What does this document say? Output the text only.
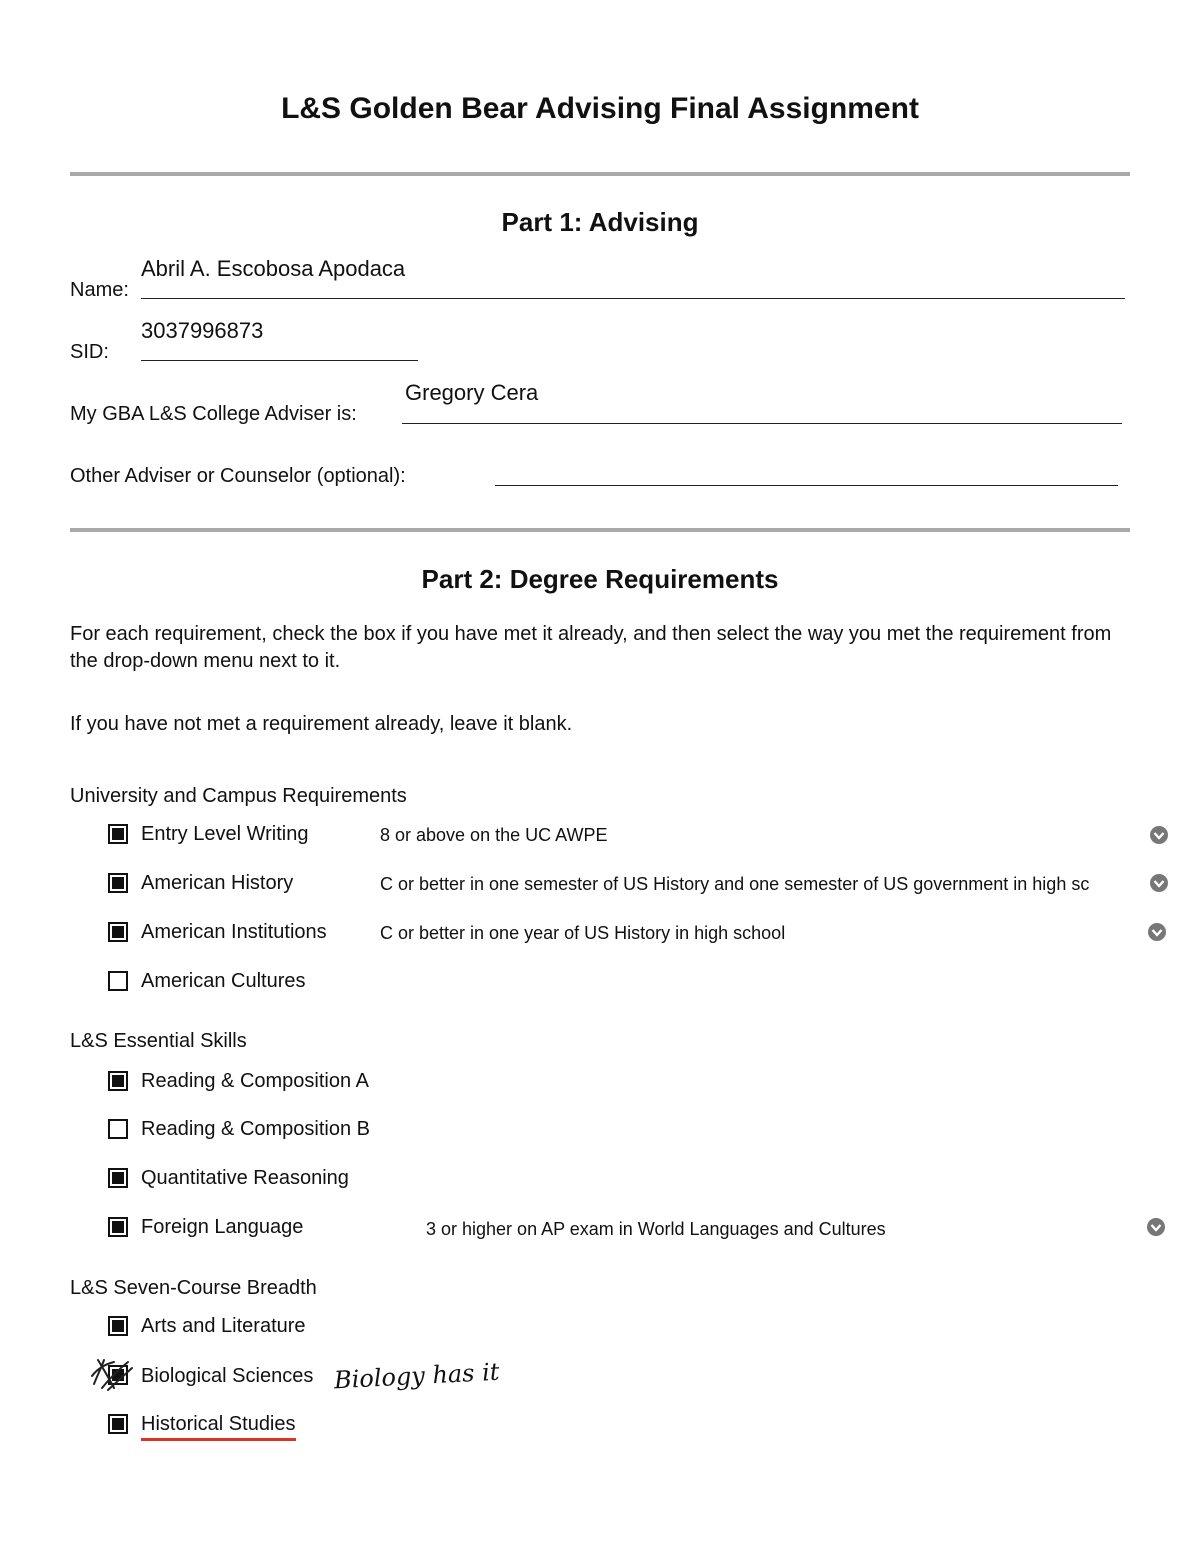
L&S Golden Bear Advising Final Assignment
Part 1: Advising
Abril A. Escobosa Apodaca
Name:
3037996873
SID:
Gregory Cera
My GBA L&S College Adviser is:
Other Adviser or Counselor (optional):
Part 2: Degree Requirements
For each requirement, check the box if you have met it already, and then select the way you met the requirement from the drop-down menu next to it.
If you have not met a requirement already, leave it blank.
University and Campus Requirements
Entry Level Writing	8 or above on the UC AWPE
American History	C or better in one semester of US History and one semester of US government in high sc
American Institutions	C or better in one year of US History in high school
American Cultures
L&S Essential Skills
Reading & Composition A
Reading & Composition B
Quantitative Reasoning
Foreign Language	3 or higher on AP exam in World Languages and Cultures
L&S Seven-Course Breadth
Arts and Literature
Biological Sciences Biology has it
Historical Studies
